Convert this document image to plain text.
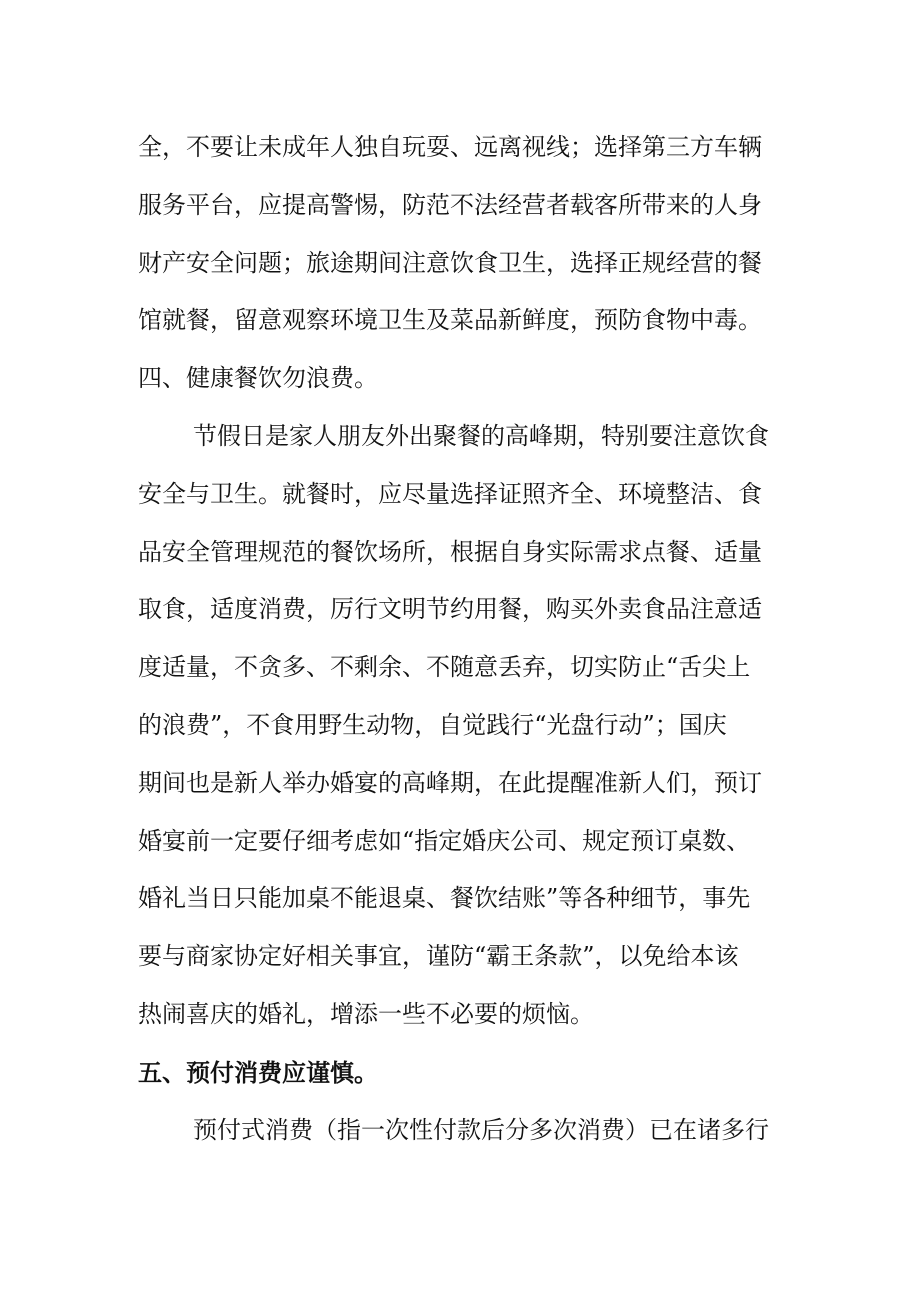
全，不要让未成年人独自玩耍、远离视线；选择第三方车辆
服务平台，应提高警惕，防范不法经营者载客所带来的人身
财产安全问题；旅途期间注意饮食卫生，选择正规经营的餐
馆就餐，留意观察环境卫生及菜品新鲜度，预防食物中毒。
四、健康餐饮勿浪费。
节假日是家人朋友外出聚餐的高峰期，特别要注意饮食
安全与卫生。就餐时，应尽量选择证照齐全、环境整洁、食
品安全管理规范的餐饮场所，根据自身实际需求点餐、适量
取食，适度消费，厉行文明节约用餐，购买外卖食品注意适
度适量，不贪多、不剩余、不随意丢弃，切实防止“舌尖上
的浪费”，不食用野生动物，自觉践行“光盘行动”；国庆
期间也是新人举办婚宴的高峰期，在此提醒准新人们，预订
婚宴前一定要仔细考虑如“指定婚庆公司、规定预订桌数、
婚礼当日只能加桌不能退桌、餐饮结账”等各种细节，事先
要与商家协定好相关事宜，谨防“霸王条款”，以免给本该
热闹喜庆的婚礼，增添一些不必要的烦恼。
五、预付消费应谨慎。
预付式消费（指一次性付款后分多次消费）已在诸多行
